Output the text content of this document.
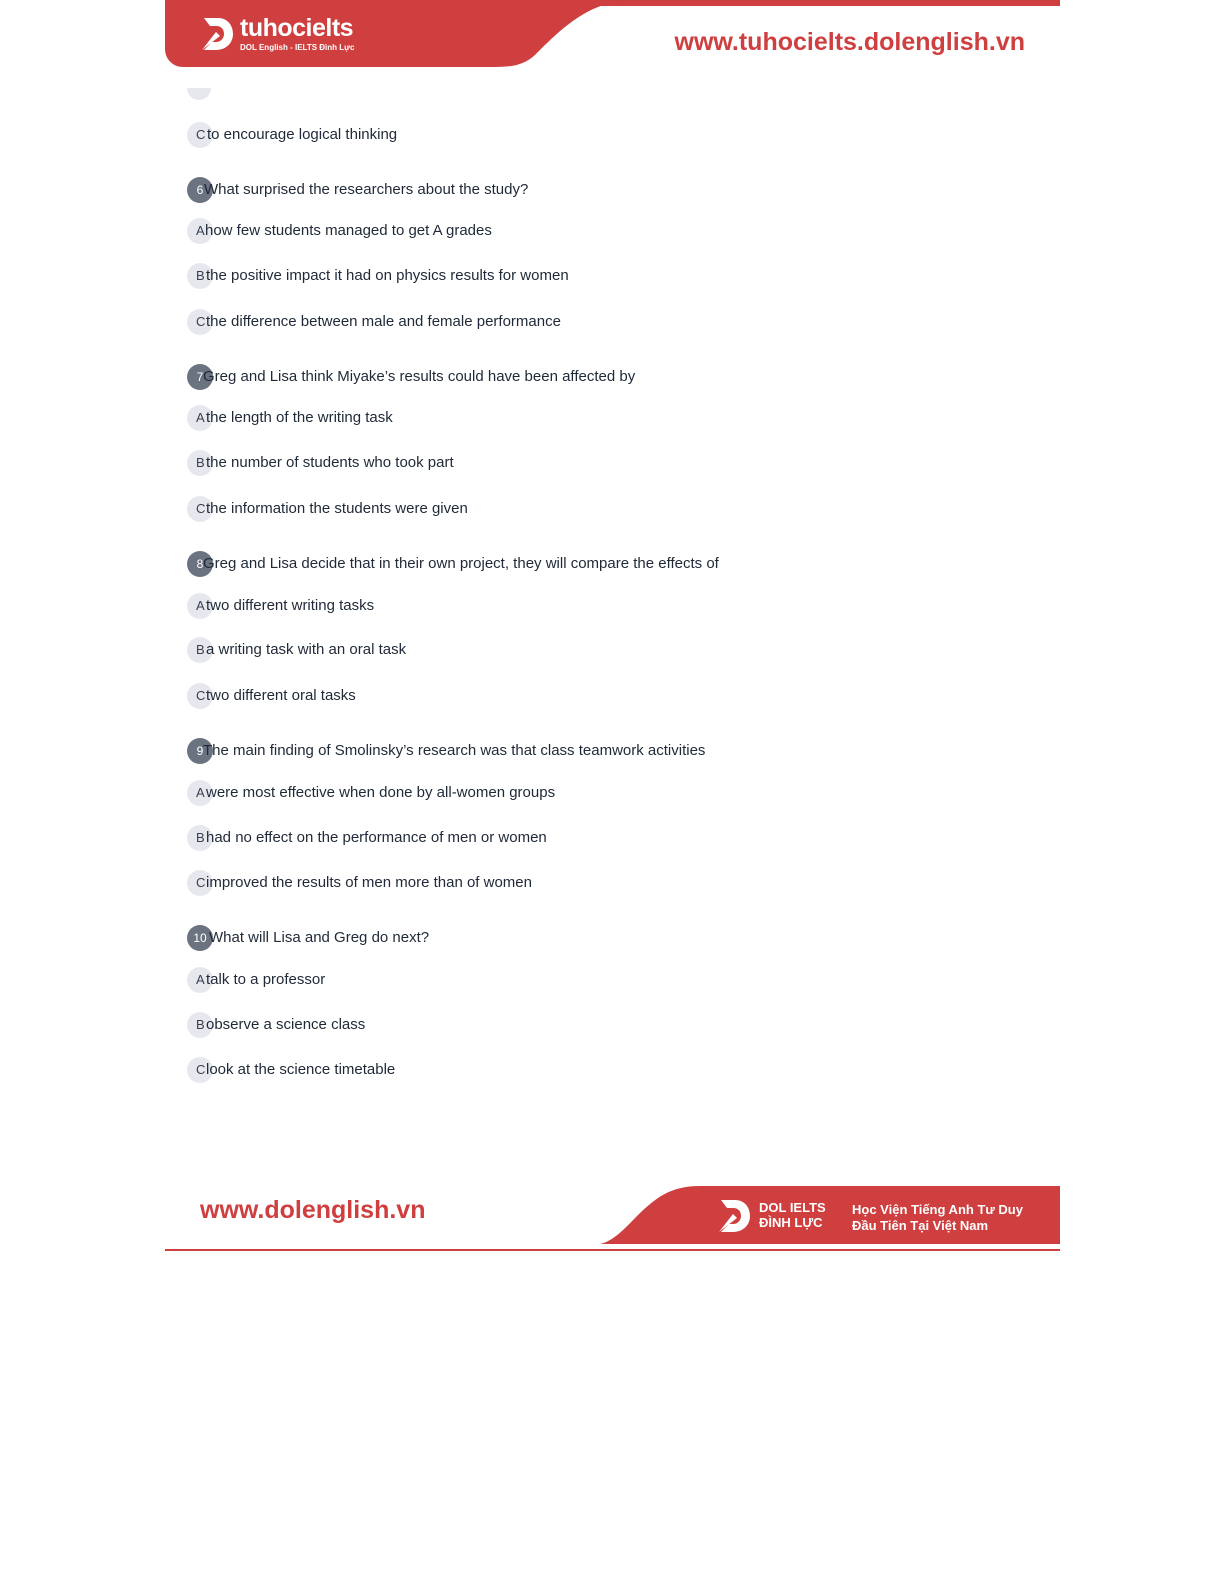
tuhocielts
DOL English - IELTS Đình Lực	www.tuhocielts.dolenglish.vn
C to encourage logical thinking
6 What surprised the researchers about the study?
A how few students managed to get A grades
B the positive impact it had on physics results for women
C the difference between male and female performance
7 Greg and Lisa think Miyake’s results could have been affected by
A the length of the writing task
B the number of students who took part
C the information the students were given
8 Greg and Lisa decide that in their own project, they will compare the effects of
A two different writing tasks
B a writing task with an oral task
C two different oral tasks
9 The main finding of Smolinsky’s research was that class teamwork activities
A were most effective when done by all-women groups
B had no effect on the performance of men or women
C improved the results of men more than of women
10 What will Lisa and Greg do next?
A talk to a professor
B observe a science class
C look at the science timetable
www.dolenglish.vn	DOL IELTS
ĐÌNH LỰC
Học Viện Tiếng Anh Tư Duy
Đầu Tiên Tại Việt Nam
